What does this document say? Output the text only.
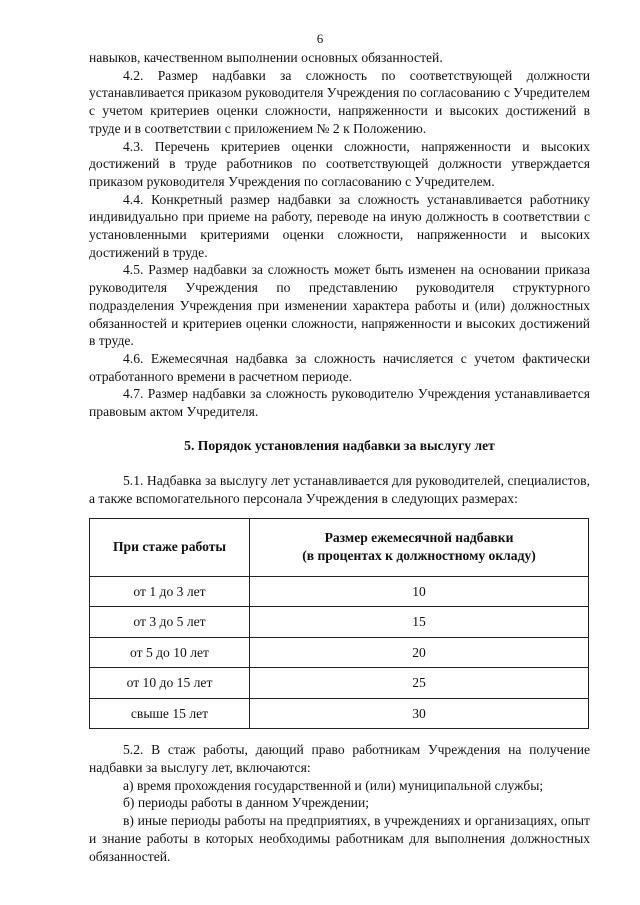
6

навыков, качественном выполнении основных обязанностей.

4.2. Размер надбавки за сложность по соответствующей должности устанавливается приказом руководителя Учреждения по согласованию с Учредителем с учетом критериев оценки сложности, напряженности и высоких достижений в труде и в соответствии с приложением № 2 к Положению.

4.3. Перечень критериев оценки сложности, напряженности и высоких достижений в труде работников по соответствующей должности утверждается приказом руководителя Учреждения по согласованию с Учредителем.

4.4. Конкретный размер надбавки за сложность устанавливается работнику индивидуально при приеме на работу, переводе на иную должность в соответствии с установленными критериями оценки сложности, напряженности и высоких достижений в труде.

4.5. Размер надбавки за сложность может быть изменен на основании приказа руководителя Учреждения по представлению руководителя структурного подразделения Учреждения при изменении характера работы и (или) должностных обязанностей и критериев оценки сложности, напряженности и высоких достижений в труде.

4.6. Ежемесячная надбавка за сложность начисляется с учетом фактически отработанного времени в расчетном периоде.

4.7. Размер надбавки за сложность руководителю Учреждения устанавливается правовым актом Учредителя.

5. Порядок установления надбавки за выслугу лет

5.1. Надбавка за выслугу лет устанавливается для руководителей, специалистов, а также вспомогательного персонала Учреждения в следующих размерах:

При стаже работы	Размер ежемесячной надбавки
(в процентах к должностному окладу)
от 1 до 3 лет	10
от 3 до 5 лет	15
от 5 до 10 лет	20
от 10 до 15 лет	25
свыше 15 лет	30

5.2. В стаж работы, дающий право работникам Учреждения на получение надбавки за выслугу лет, включаются:

а) время прохождения государственной и (или) муниципальной службы;

б) периоды работы в данном Учреждении;

в) иные периоды работы на предприятиях, в учреждениях и организациях, опыт и знание работы в которых необходимы работникам для выполнения должностных обязанностей.
